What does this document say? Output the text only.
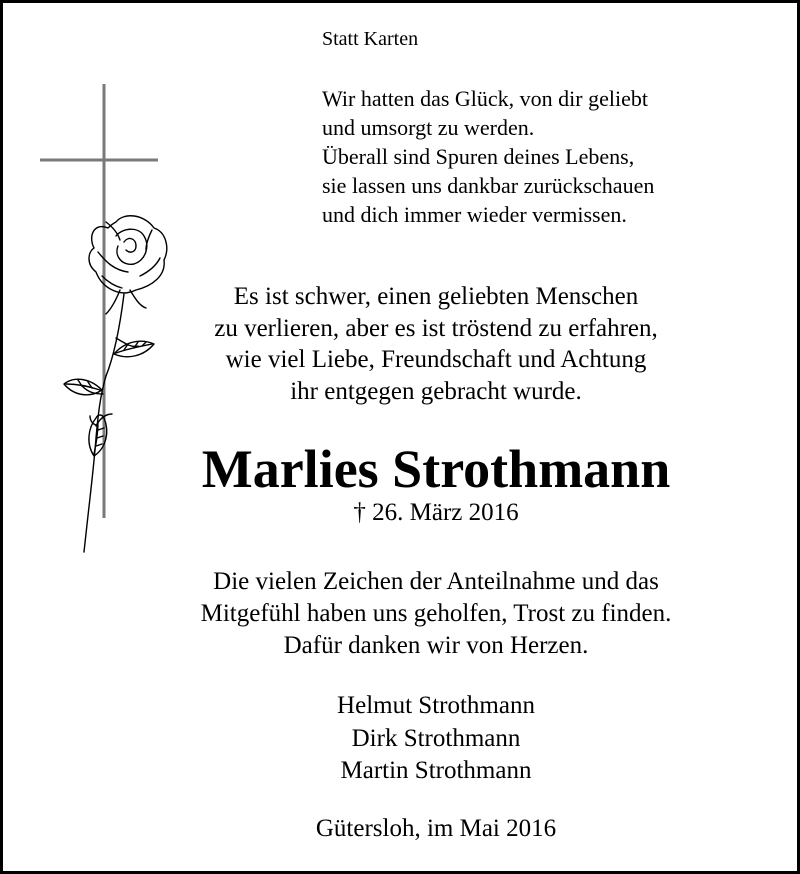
Statt Karten
Wir hatten das Glück, von dir geliebt
und umsorgt zu werden.
Überall sind Spuren deines Lebens,
sie lassen uns dankbar zurückschauen
und dich immer wieder vermissen.
Es ist schwer, einen geliebten Menschen
zu verlieren, aber es ist tröstend zu erfahren,
wie viel Liebe, Freundschaft und Achtung
ihr entgegen gebracht wurde.
Marlies Strothmann
† 26. März 2016
Die vielen Zeichen der Anteilnahme und das
Mitgefühl haben uns geholfen, Trost zu finden.
Dafür danken wir von Herzen.
Helmut Strothmann
Dirk Strothmann
Martin Strothmann
Gütersloh, im Mai 2016
